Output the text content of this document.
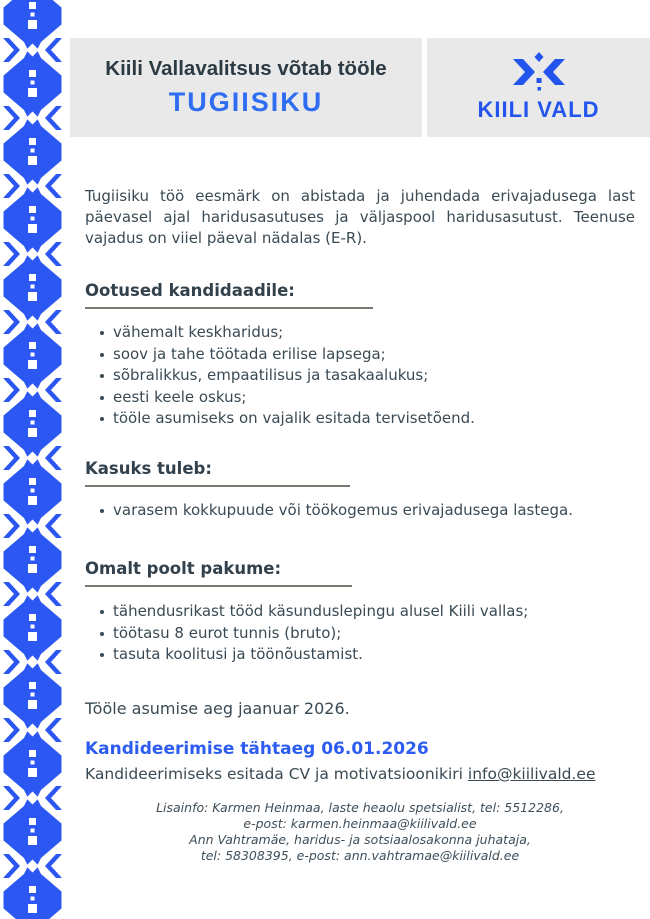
Kiili Vallavalitsus võtab tööle
TUGIISIKU	KIILI VALD

Tugiisiku töö eesmärk on abistada ja juhendada erivajadusega last päevasel ajal haridusasutuses ja väljaspool haridusasutust. Teenuse vajadus on viiel päeval nädalas (E-R).

Ootused kandidaadile:
vähemalt keskharidus;
soov ja tahe töötada erilise lapsega;
sõbralikkus, empaatilisus ja tasakaalukus;
eesti keele oskus;
tööle asumiseks on vajalik esitada tervisetõend.
Kasuks tuleb:
varasem kokkupuude või töökogemus erivajadusega lastega.
Omalt poolt pakume:
tähendusrikast tööd käsunduslepingu alusel Kiili vallas;
töötasu 8 eurot tunnis (bruto);
tasuta koolitusi ja töönõustamist.

Tööle asumise aeg jaanuar 2026.

Kandideerimise tähtaeg 06.01.2026

Kandideerimiseks esitada CV ja motivatsioonikiri info@kiilivald.ee

Lisainfo: Karmen Heinmaa, laste heaolu spetsialist, tel: 5512286,
e-post: karmen.heinmaa@kiilivald.ee
Ann Vahtramäe, haridus- ja sotsiaalosakonna juhataja,
tel: 58308395, e-post: ann.vahtramae@kiilivald.ee
